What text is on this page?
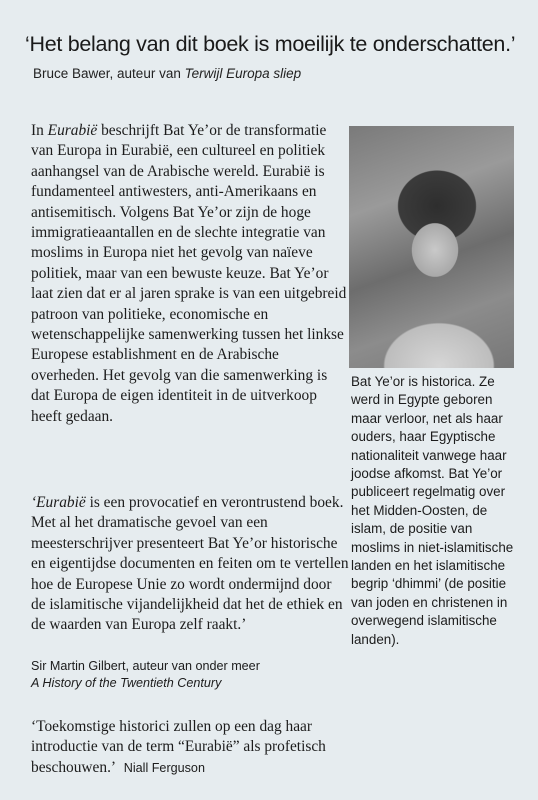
‘Het belang van dit boek is moeilijk te onderschatten.’
Bruce Bawer, auteur van Terwijl Europa sliep

In Eurabië beschrijft Bat Ye’or de transformatie van Europa in Eurabië, een cultureel en politiek aanhangsel van de Arabische wereld. Eurabië is fundamenteel antiwesters, anti-Amerikaans en antisemitisch. Volgens Bat Ye’or zijn de hoge immigratieaantallen en de slechte integratie van moslims in Europa niet het gevolg van naïeve politiek, maar van een bewuste keuze. Bat Ye’or laat zien dat er al jaren sprake is van een uitgebreid patroon van politieke, economische en wetenschappelijke samenwerking tussen het linkse Europese establishment en de Arabische overheden. Het gevolg van die samenwerking is dat Europa de eigen identiteit in de uitverkoop heeft gedaan.

‘Eurabië is een provocatief en verontrustend boek. Met al het dramatische gevoel van een meesterschrijver presenteert Bat Ye’or historische en eigentijdse documenten en feiten om te vertellen hoe de Europese Unie zo wordt ondermijnd door de islamitische vijandelijkheid dat het de ethiek en de waarden van Europa zelf raakt.’
Sir Martin Gilbert, auteur van onder meer
A History of the Twentieth Century
‘Toekomstige historici zullen op een dag haar introductie van de term “Eurabië” als profetisch beschouwen.’ Niall Ferguson
Bat Ye’or is historica. Ze werd in Egypte geboren maar verloor, net als haar ouders, haar Egyptische nationaliteit vanwege haar joodse afkomst. Bat Ye’or publiceert regelmatig over het Midden-Oosten, de islam, de positie van moslims in niet-islamitische landen en het islamitische begrip ‘dhimmi’ (de positie van joden en christenen in overwegend islamitische landen).
